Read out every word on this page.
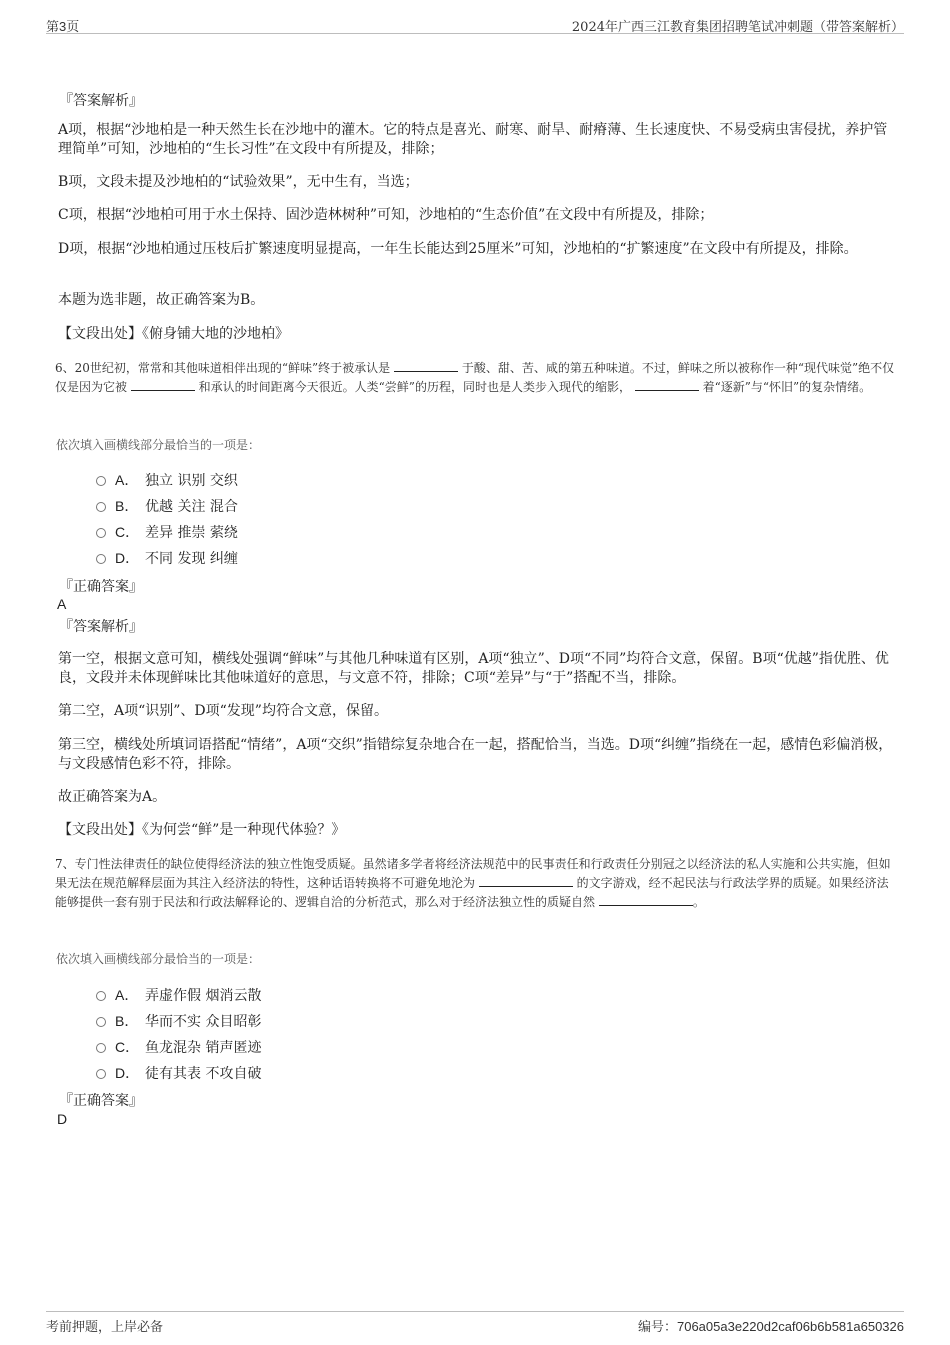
第3页	2024年广西三江教育集团招聘笔试冲刺题（带答案解析）
『答案解析』
A项，根据“沙地柏是一种天然生长在沙地中的灌木。它的特点是喜光、耐寒、耐旱、耐瘠薄、生长速度快、不易受病虫害侵扰，养护管理简单”可知，沙地柏的“生长习性”在文段中有所提及，排除；
B项，文段未提及沙地柏的“试验效果”，无中生有，当选；
C项，根据“沙地柏可用于水土保持、固沙造林树种”可知，沙地柏的“生态价值”在文段中有所提及，排除；
D项，根据“沙地柏通过压枝后扩繁速度明显提高，一年生长能达到25厘米”可知，沙地柏的“扩繁速度”在文段中有所提及，排除。
本题为选非题，故正确答案为B。
【文段出处】《俯身铺大地的沙地柏》
6、20世纪初，常常和其他味道相伴出现的“鲜味”终于被承认是	于酸、甜、苦、咸的第五种味道。不过，鲜味之所以被称作一种“现代味觉”绝不仅仅是因为它被	和承认的时间距离今天很近。人类“尝鲜”的历程，同时也是人类步入现代的缩影，	着“逐新”与“怀旧”的复杂情绪。
依次填入画横线部分最恰当的一项是：
A． 独立 识别 交织
B． 优越 关注 混合
C． 差异 推崇 萦绕
D． 不同 发现 纠缠
『正确答案』
A
『答案解析』
第一空，根据文意可知，横线处强调“鲜味”与其他几种味道有区别，A项“独立”、D项“不同”均符合文意，保留。B项“优越”指优胜、优良，文段并未体现鲜味比其他味道好的意思，与文意不符，排除；C项“差异”与“于”搭配不当，排除。
第二空，A项“识别”、D项“发现”均符合文意，保留。
第三空，横线处所填词语搭配“情绪”，A项“交织”指错综复杂地合在一起，搭配恰当，当选。D项“纠缠”指绕在一起，感情色彩偏消极，与文段感情色彩不符，排除。
故正确答案为A。
【文段出处】《为何尝“鲜”是一种现代体验？》
7、专门性法律责任的缺位使得经济法的独立性饱受质疑。虽然诸多学者将经济法规范中的民事责任和行政责任分别冠之以经济法的私人实施和公共实施，但如果无法在规范解释层面为其注入经济法的特性，这种话语转换将不可避免地沦为	的文字游戏，经不起民法与行政法学界的质疑。如果经济法能够提供一套有别于民法和行政法解释论的、逻辑自洽的分析范式，那么对于经济法独立性的质疑自然	。
依次填入画横线部分最恰当的一项是：
A． 弄虚作假 烟消云散
B． 华而不实 众目昭彰
C． 鱼龙混杂 销声匿迹
D． 徒有其表 不攻自破
『正确答案』
D
考前押题，上岸必备	编号：706a05a3e220d2caf06b6b581a650326
